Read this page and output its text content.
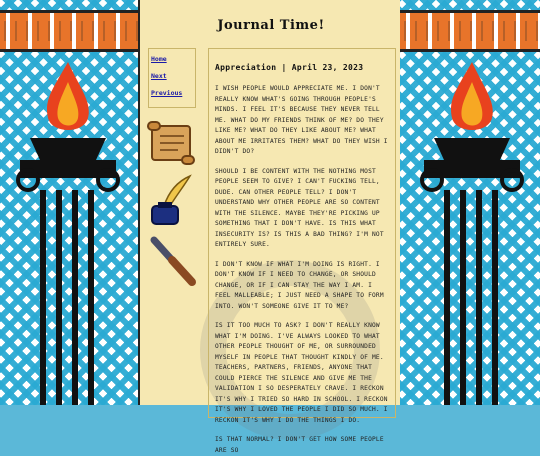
Journal Time!
Home
Next
Previous

Appreciation | April 23, 2023

I WISH PEOPLE WOULD APPRECIATE ME. I DON'T REALLY KNOW WHAT'S GOING THROUGH PEOPLE'S MINDS. I FEEL IT'S BECAUSE THEY NEVER TELL ME. WHAT DO MY FRIENDS THINK OF ME? DO THEY LIKE ME? WHAT DO THEY LIKE ABOUT ME? WHAT ABOUT ME IRRITATES THEM? WHAT DO THEY WISH I DIDN'T DO?

SHOULD I BE CONTENT WITH THE NOTHING MOST PEOPLE SEEM TO GIVE? I CAN'T FUCKING TELL, DUDE. CAN OTHER PEOPLE TELL? I DON'T UNDERSTAND WHY OTHER PEOPLE ARE SO CONTENT WITH THE SILENCE. MAYBE THEY'RE PICKING UP SOMETHING THAT I DON'T HAVE. IS THIS WHAT INSECURITY IS? IS THIS A BAD THING? I'M NOT ENTIRELY SURE.

I DON'T KNOW IF WHAT I'M DOING IS RIGHT. I DON'T KNOW IF I NEED TO CHANGE, OR SHOULD CHANGE, OR IF I CAN STAY THE WAY I AM. I FEEL MALLEABLE; I JUST NEED A SHAPE TO FORM INTO. WON'T SOMEONE GIVE IT TO ME?

IS IT TOO MUCH TO ASK? I DON'T REALLY KNOW WHAT I'M DOING. I'VE ALWAYS LOOKED TO WHAT OTHER PEOPLE THOUGHT OF ME, OR SURROUNDED MYSELF IN PEOPLE THAT THOUGHT KINDLY OF ME. TEACHERS, PARTNERS, FRIENDS, ANYONE THAT COULD PIERCE THE SILENCE AND GIVE ME THE VALIDATION I SO DESPERATELY CRAVE. I RECKON IT'S WHY I TRIED SO HARD IN SCHOOL. I RECKON IT'S WHY I LOVED THE PEOPLE I DID SO MUCH. I RECKON IT'S WHY I DO THE THINGS I DO.

IS THAT NORMAL? I DON'T GET HOW SOME PEOPLE ARE SO
